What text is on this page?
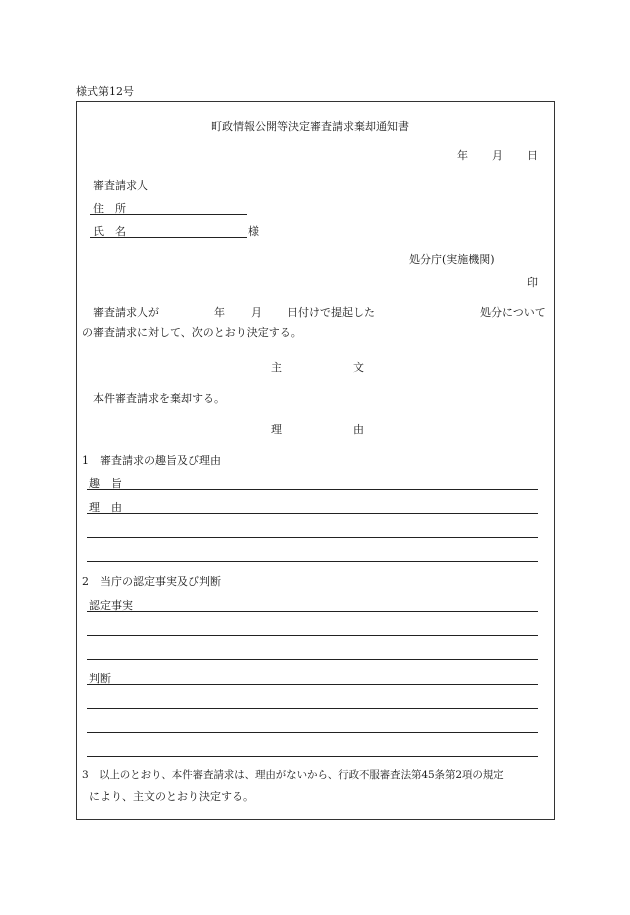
様式第12号
町政情報公開等決定審査請求棄却通知書
年 月 日
審査請求人
住　所
氏　名	様
処分庁(実施機関)
印
審査請求人が	年 月 日付けで提起した	処分について
の審査請求に対して、次のとおり決定する。
主	文
本件審査請求を棄却する。
理	由
1　審査請求の趣旨及び理由
趣　旨
理　由
2　当庁の認定事実及び判断
認定事実
判断
3　以上のとおり、本件審査請求は、理由がないから、行政不服審査法第45条第2項の規定
により、主文のとおり決定する。
